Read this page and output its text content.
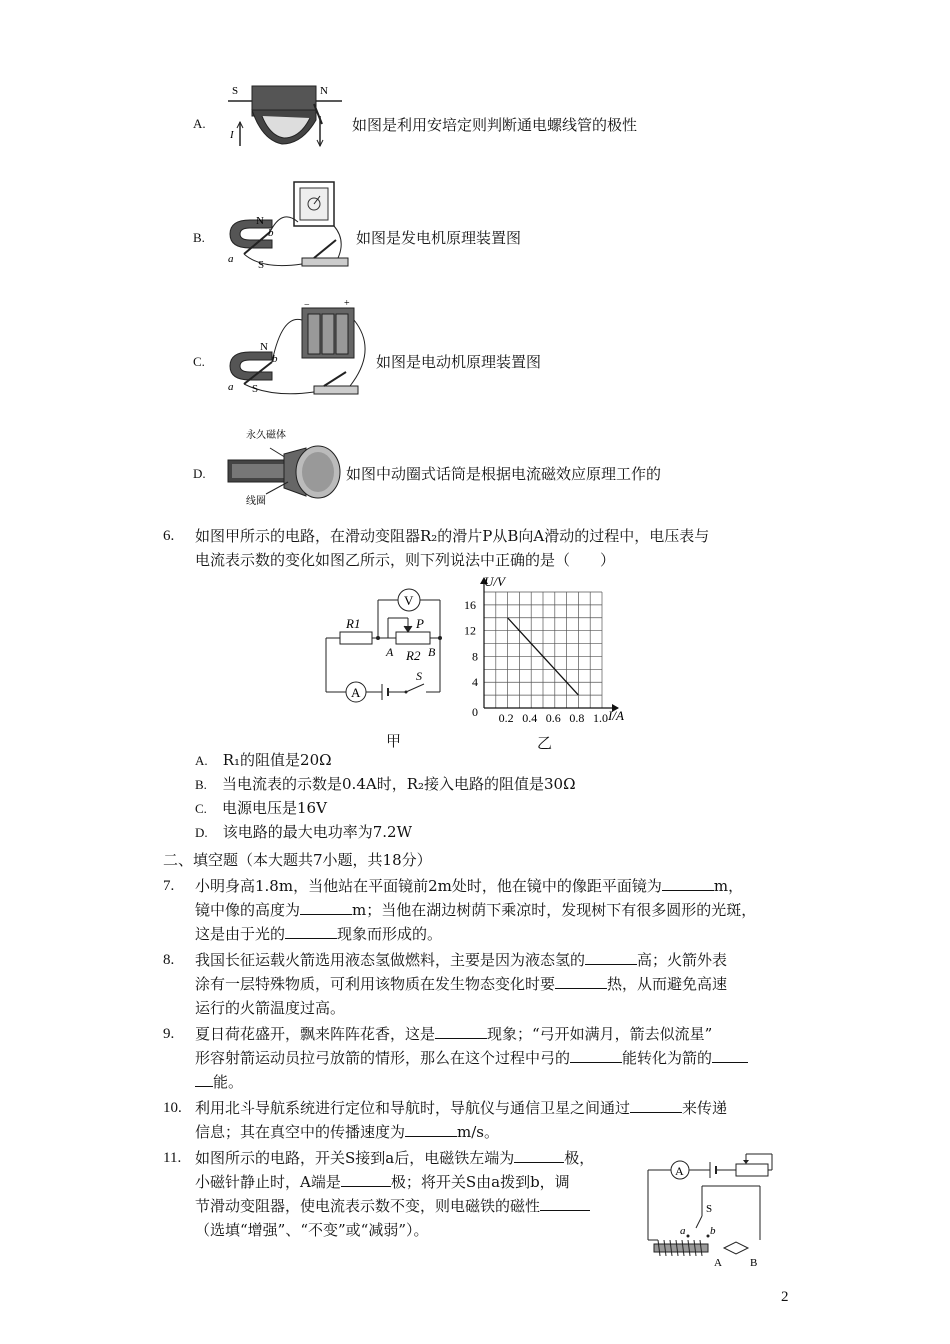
A.
S	N
I
如图是利用安培定则判断通电螺线管的极性
B.
N
b
a S
如图是发电机原理装置图
C.
−	+
N
b
a S
如图是电动机原理装置图
D.
永久磁体
线圈
如图中动圈式话筒是根据电流磁效应原理工作的
6. 如图甲所示的电路，在滑动变阻器R₂的滑片P从B向A滑动的过程中，电压表与
电流表示数的变化如图乙所示，则下列说法中正确的是（　　）
V
R1	P
A R2 B
A
S
0.2 0.4 0.6 0.8 1.0
4
8
12
16
U/V
I/A
0
甲	乙
A. R₁的阻值是20Ω
B. 当电流表的示数是0.4A时，R₂接入电路的阻值是30Ω
C. 电源电压是16V
D. 该电路的最大电功率为7.2W
二、填空题（本大题共7小题，共18分）
7. 小明身高1.8m，当他站在平面镜前2m处时，他在镜中的像距平面镜为	m，
镜中像的高度为	m；当他在湖边树荫下乘凉时，发现树下有很多圆形的光斑，
这是由于光的	现象而形成的。
8. 我国长征运载火箭选用液态氢做燃料，主要是因为液态氢的	高；火箭外表
涂有一层特殊物质，可利用该物质在发生物态变化时要	热，从而避免高速
运行的火箭温度过高。
9. 夏日荷花盛开，飘来阵阵花香，这是	现象；“弓开如满月，箭去似流星”
形容射箭运动员拉弓放箭的情形，那么在这个过程中弓的	能转化为箭的
能。
10. 利用北斗导航系统进行定位和导航时，导航仪与通信卫星之间通过	来传递
信息；其在真空中的传播速度为	m/s。
11. 如图所示的电路，开关S接到a后，电磁铁左端为	极，
小磁针静止时，A端是	极；将开关S由a拨到b，调
节滑动变阻器，使电流表示数不变，则电磁铁的磁性
（选填“增强”、“不变”或“减弱”）。
A
S
a b
A	B
2
